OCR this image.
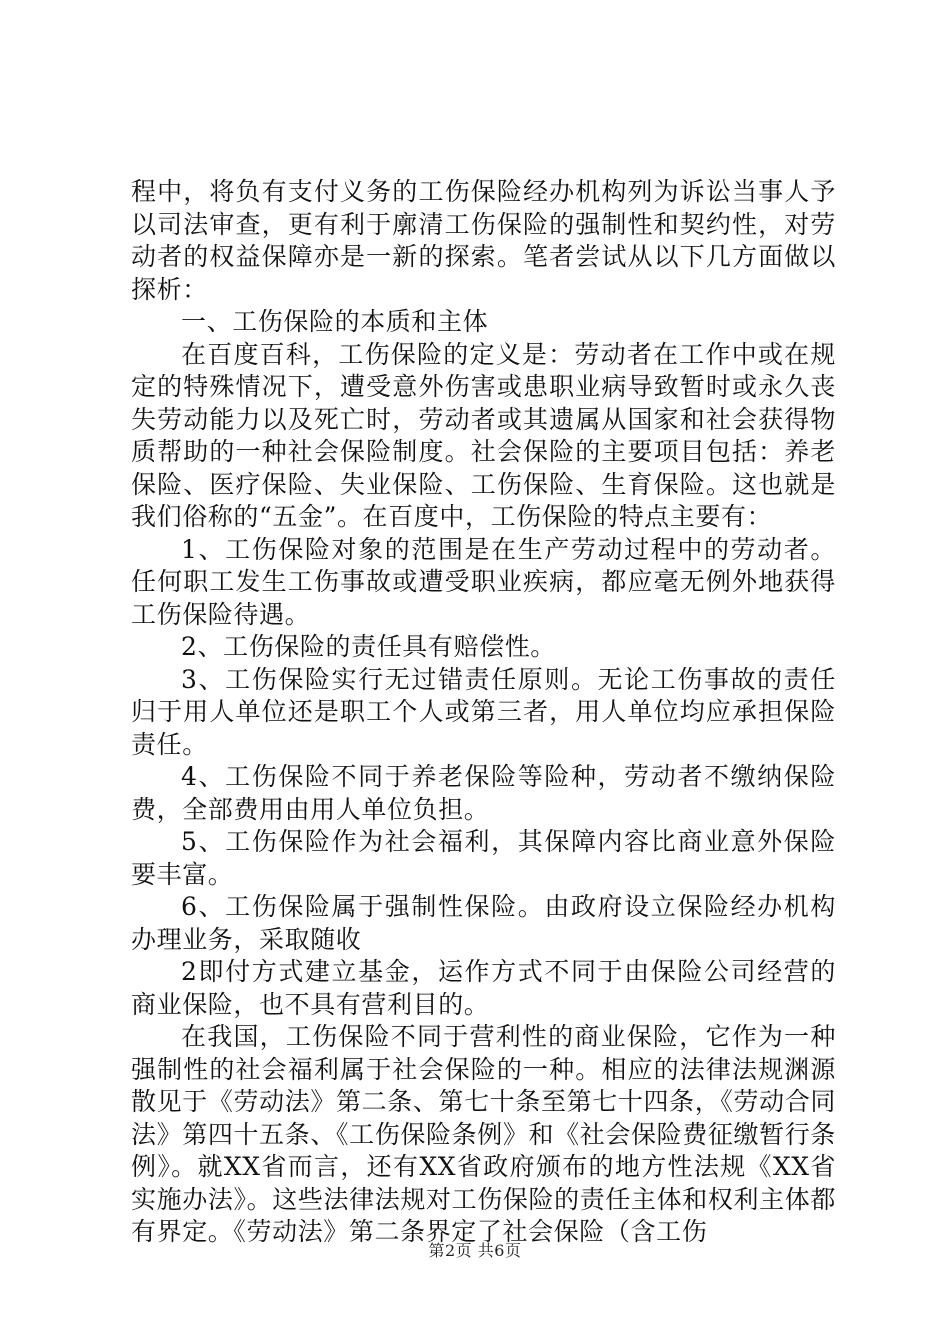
程中，将负有支付义务的工伤保险经办机构列为诉讼当事人予以司法审查，更有利于廓清工伤保险的强制性和契约性，对劳动者的权益保障亦是一新的探索。笔者尝试从以下几方面做以探析：

一、工伤保险的本质和主体

在百度百科，工伤保险的定义是：劳动者在工作中或在规定的特殊情况下，遭受意外伤害或患职业病导致暂时或永久丧失劳动能力以及死亡时，劳动者或其遗属从国家和社会获得物质帮助的一种社会保险制度。社会保险的主要项目包括：养老保险、医疗保险、失业保险、工伤保险、生育保险。这也就是我们俗称的“五金”。在百度中，工伤保险的特点主要有：

1、工伤保险对象的范围是在生产劳动过程中的劳动者。任何职工发生工伤事故或遭受职业疾病，都应毫无例外地获得工伤保险待遇。

2、工伤保险的责任具有赔偿性。

3、工伤保险实行无过错责任原则。无论工伤事故的责任归于用人单位还是职工个人或第三者，用人单位均应承担保险责任。

4、工伤保险不同于养老保险等险种，劳动者不缴纳保险费，全部费用由用人单位负担。

5、工伤保险作为社会福利，其保障内容比商业意外保险要丰富。

6、工伤保险属于强制性保险。由政府设立保险经办机构办理业务，采取随收

2即付方式建立基金，运作方式不同于由保险公司经营的商业保险，也不具有营利目的。

在我国，工伤保险不同于营利性的商业保险，它作为一种强制性的社会福利属于社会保险的一种。相应的法律法规渊源散见于《劳动法》第二条、第七十条至第七十四条，《劳动合同法》第四十五条、《工伤保险条例》和《社会保险费征缴暂行条例》。就XX省而言，还有XX省政府颁布的地方性法规《XX省实施办法》。这些法律法规对工伤保险的责任主体和权利主体都有界定。《劳动法》第二条界定了社会保险（含工伤

第2页 共6页
